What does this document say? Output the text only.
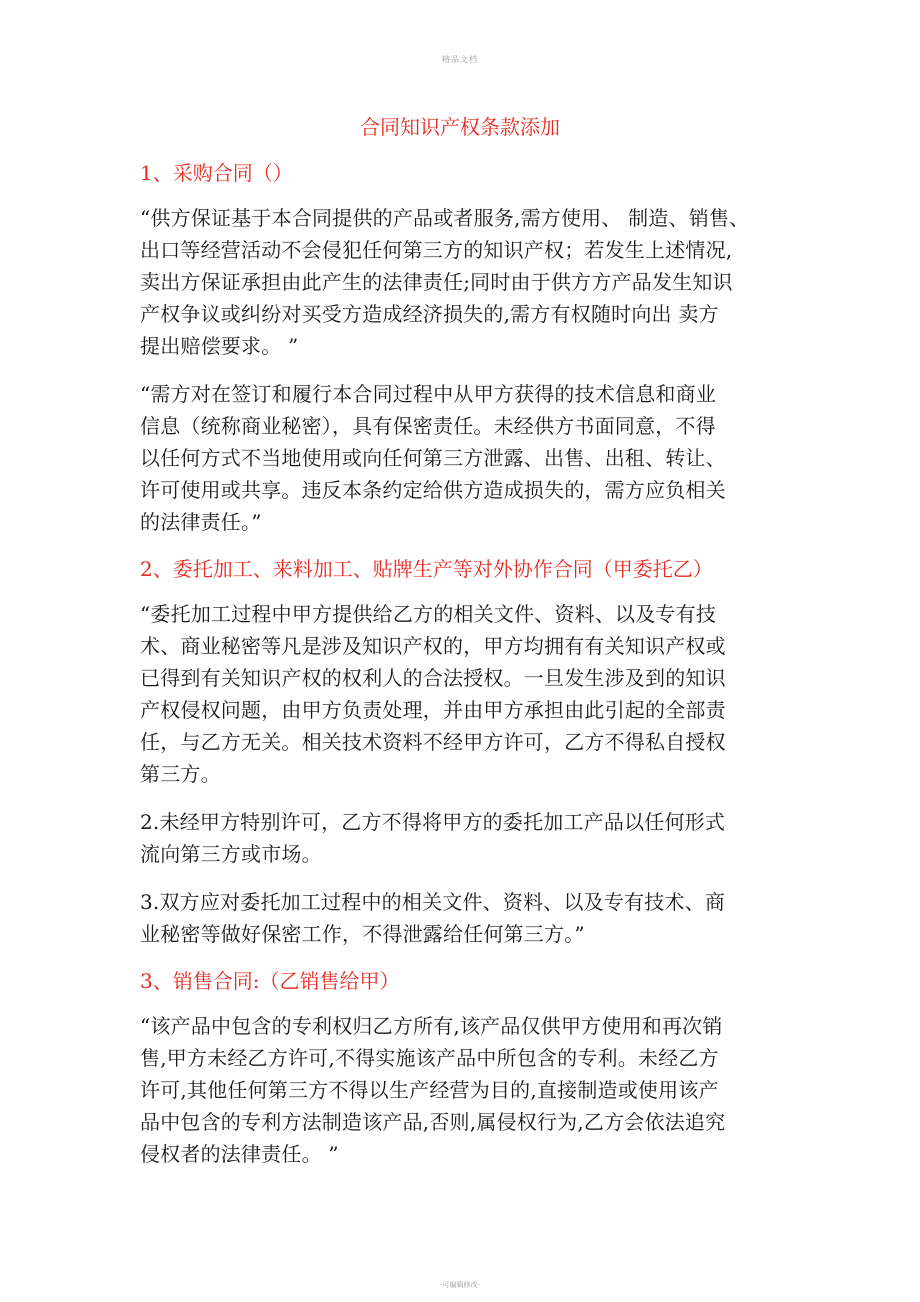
精品文档
合同知识产权条款添加
1、采购合同（）

“供方保证基于本合同提供的产品或者服务,需方使用、 制造、销售、
出口等经营活动不会侵犯任何第三方的知识产权；若发生上述情况,
卖出方保证承担由此产生的法律责任;同时由于供方方产品发生知识
产权争议或纠纷对买受方造成经济损失的,需方有权随时向出 卖方
提出赔偿要求。 ”

“需方对在签订和履行本合同过程中从甲方获得的技术信息和商业
信息（统称商业秘密），具有保密责任。未经供方书面同意，不得
以任何方式不当地使用或向任何第三方泄露、出售、出租、转让、
许可使用或共享。违反本条约定给供方造成损失的，需方应负相关
的法律责任。”

2、委托加工、来料加工、贴牌生产等对外协作合同（甲委托乙）

“委托加工过程中甲方提供给乙方的相关文件、资料、以及专有技
术、商业秘密等凡是涉及知识产权的，甲方均拥有有关知识产权或
已得到有关知识产权的权利人的合法授权。一旦发生涉及到的知识
产权侵权问题，由甲方负责处理，并由甲方承担由此引起的全部责
任，与乙方无关。相关技术资料不经甲方许可，乙方不得私自授权
第三方。

2.未经甲方特别许可，乙方不得将甲方的委托加工产品以任何形式
流向第三方或市场。

3.双方应对委托加工过程中的相关文件、资料、以及专有技术、商
业秘密等做好保密工作，不得泄露给任何第三方。”

3、销售合同:（乙销售给甲）

“该产品中包含的专利权归乙方所有,该产品仅供甲方使用和再次销
售,甲方未经乙方许可,不得实施该产品中所包含的专利。未经乙方
许可,其他任何第三方不得以生产经营为目的,直接制造或使用该产
品中包含的专利方法制造该产品,否则,属侵权行为,乙方会依法追究
侵权者的法律责任。 ”

-可编辑修改-
